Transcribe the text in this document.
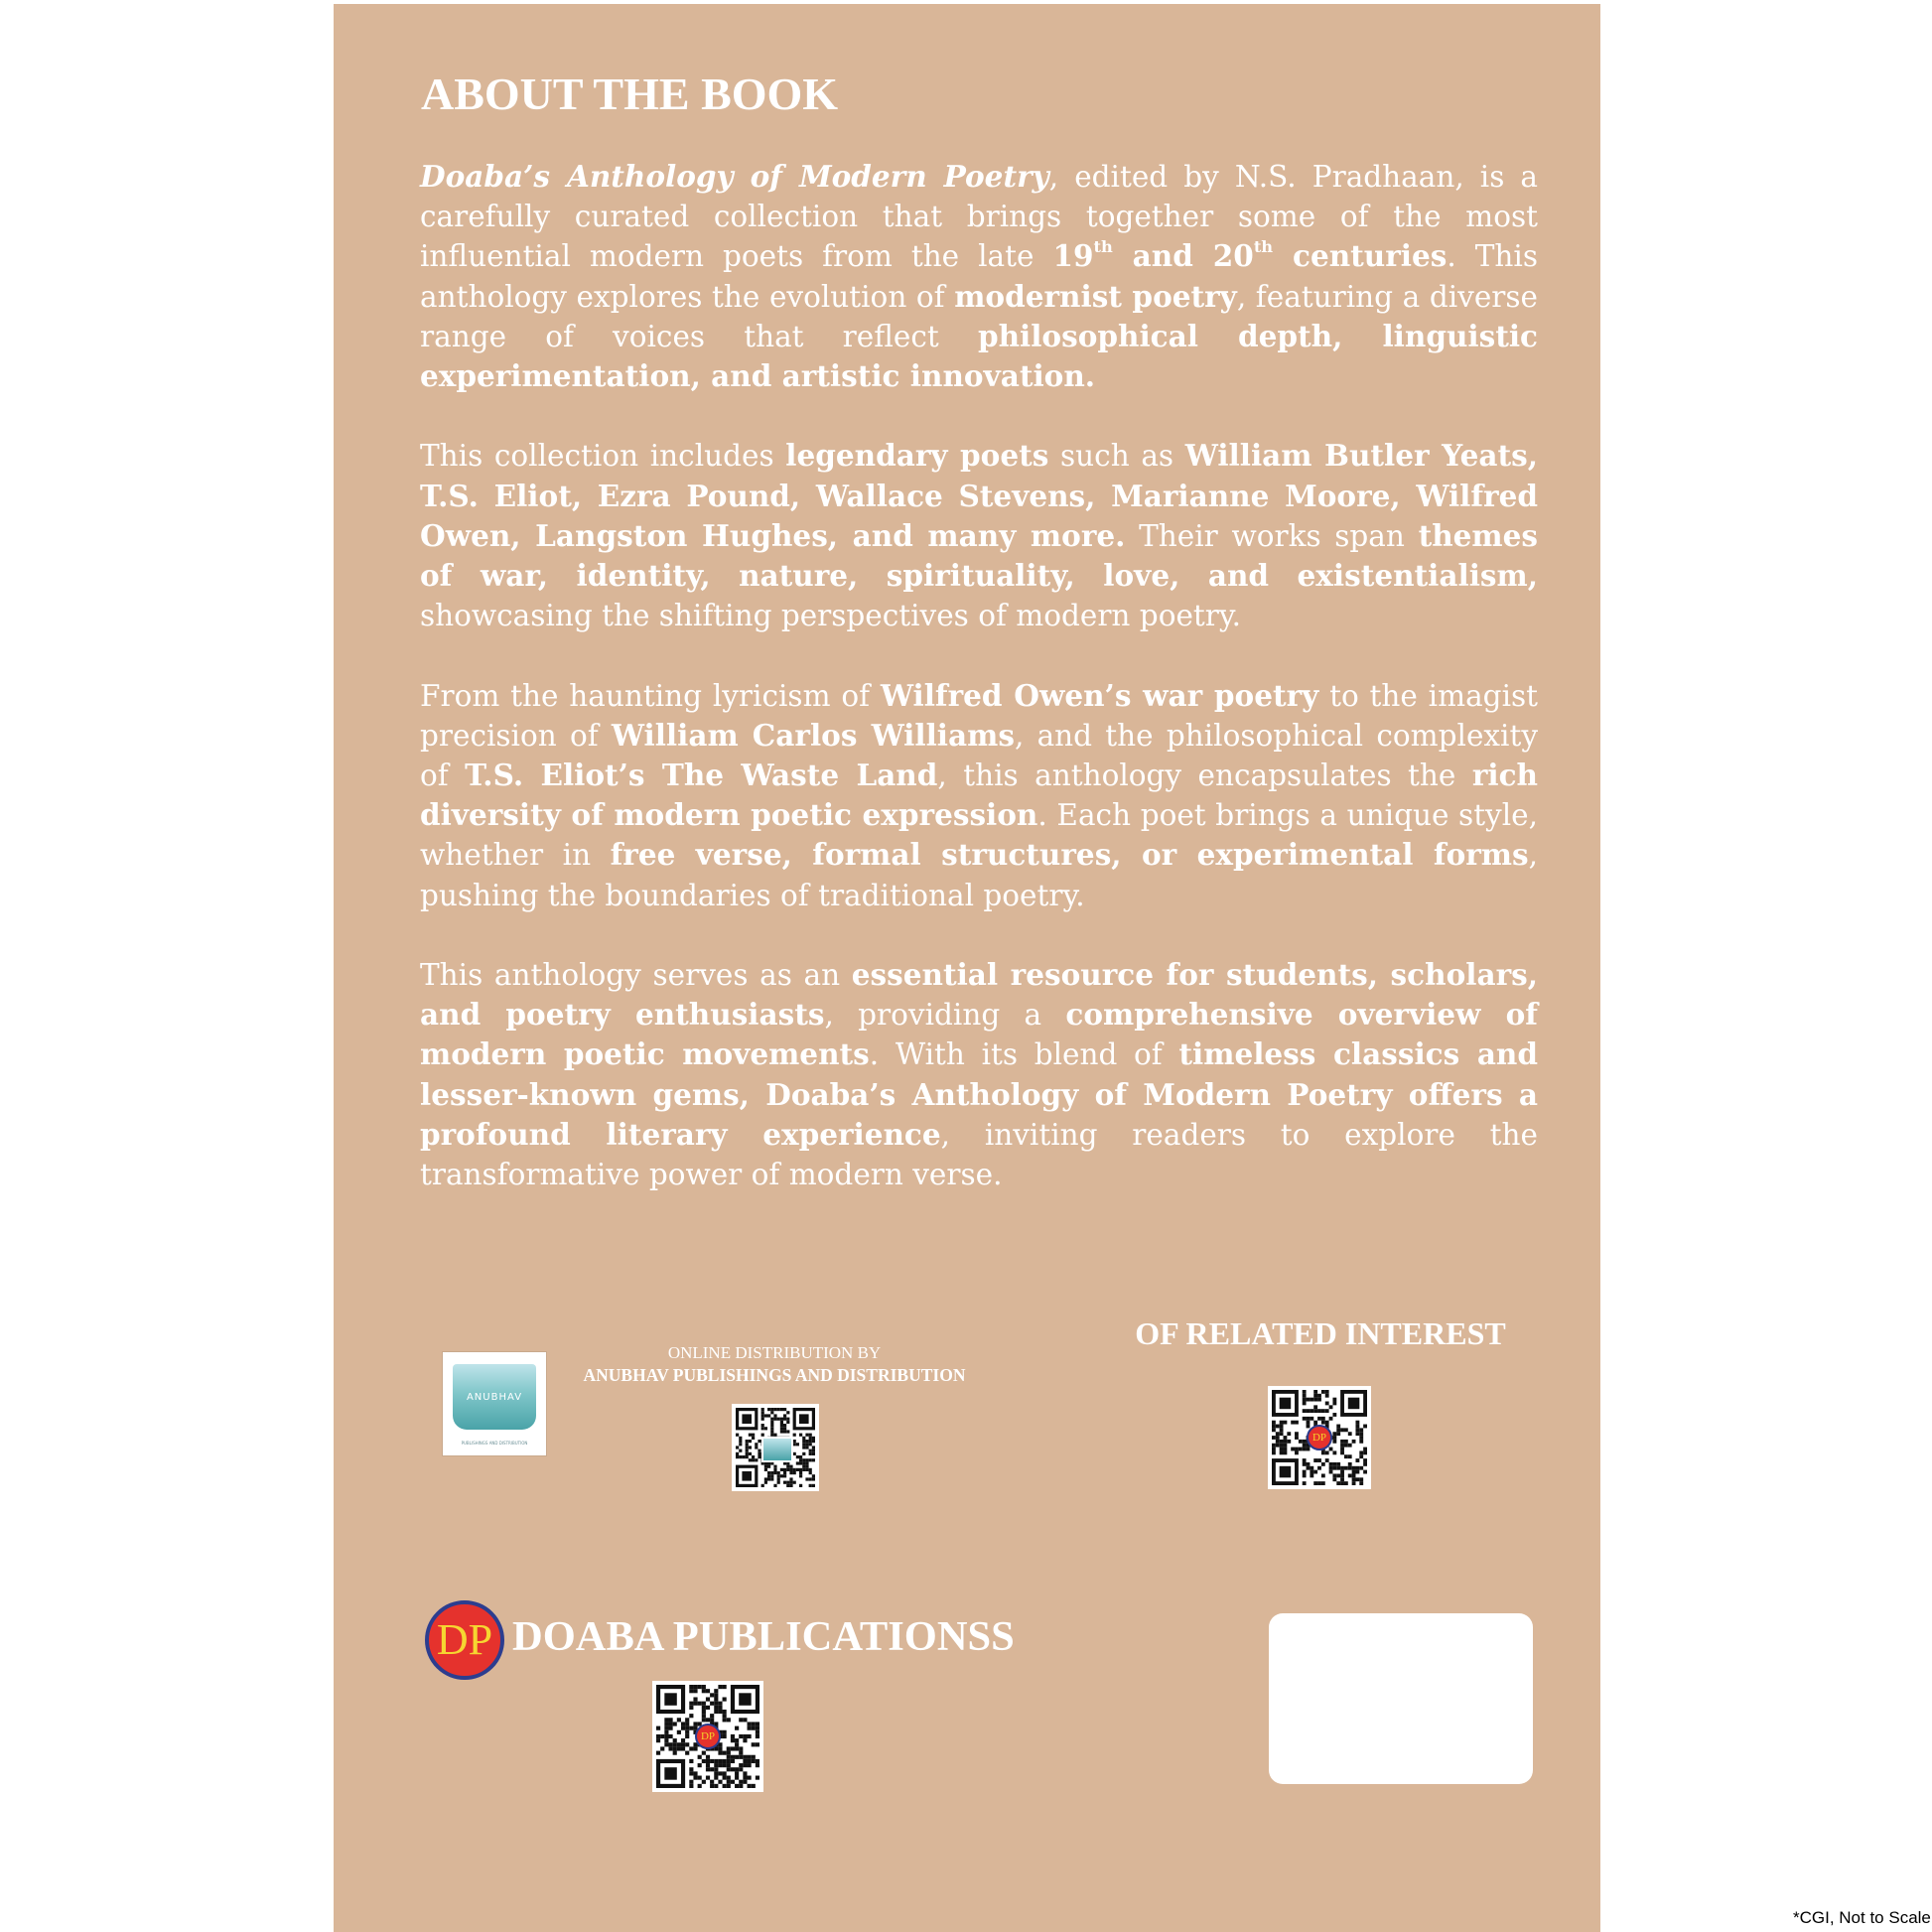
ABOUT THE BOOK

Doaba’s Anthology of Modern Poetry, edited by N.S. Pradhaan, is a carefully curated collection that brings together some of the most influential modern poets from the late 19th and 20th centuries. This anthology explores the evolution of modernist poetry, featuring a diverse range of voices that reflect philosophical depth, linguistic experimentation, and artistic innovation.

This collection includes legendary poets such as William Butler Yeats, T.S. Eliot, Ezra Pound, Wallace Stevens, Marianne Moore, Wilfred Owen, Langston Hughes, and many more. Their works span themes of war, identity, nature, spirituality, love, and existentialism, showcasing the shifting perspectives of modern poetry.

From the haunting lyricism of Wilfred Owen’s war poetry to the imagist precision of William Carlos Williams, and the philosophical complexity of T.S. Eliot’s The Waste Land, this anthology encapsulates the rich diversity of modern poetic expression. Each poet brings a unique style, whether in free verse, formal structures, or experimental forms, pushing the boundaries of traditional poetry.

This anthology serves as an essential resource for students, scholars, and poetry enthusiasts, providing a comprehensive overview of modern poetic movements. With its blend of timeless classics and lesser-known gems, Doaba’s Anthology of Modern Poetry offers a profound literary experience, inviting readers to explore the transformative power of modern verse.

ANUBHAV
PUBLISHINGS AND DISTRIBUTION
ONLINE DISTRIBUTION BY
ANUBHAV PUBLISHINGS AND DISTRIBUTION
OF RELATED INTEREST
DP
DP DOABA PUBLICATIONSS
DP

*CGI, Not to Scale
